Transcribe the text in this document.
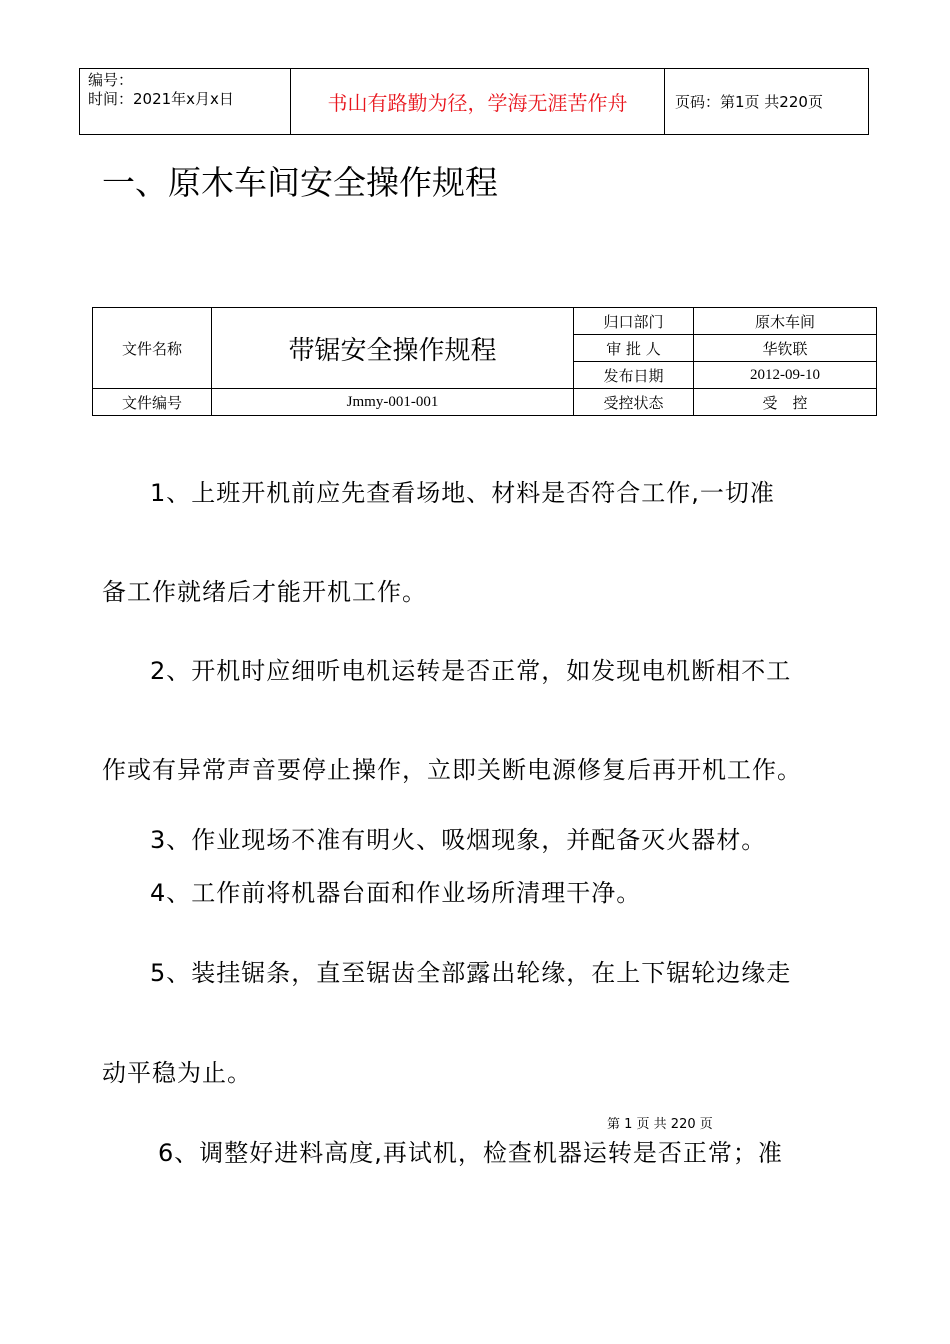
编号：
时间：2021年x月x日	书山有路勤为径，学海无涯苦作舟	页码：第1页 共220页
一、原木车间安全操作规程
文件名称	带锯安全操作规程	归口部门	原木车间
		审 批 人	华钦联
		发布日期	2012-09-10
文件编号	Jmmy-001-001	受控状态	受　控
1、上班开机前应先查看场地、材料是否符合工作,一切准
备工作就绪后才能开机工作。
2、开机时应细听电机运转是否正常，如发现电机断相不工
作或有异常声音要停止操作，立即关断电源修复后再开机工作。
3、作业现场不准有明火、吸烟现象，并配备灭火器材。
4、工作前将机器台面和作业场所清理干净。
5、装挂锯条，直至锯齿全部露出轮缘，在上下锯轮边缘走
动平稳为止。
第 1 页 共 220 页
6、调整好进料高度,再试机，检查机器运转是否正常；准
